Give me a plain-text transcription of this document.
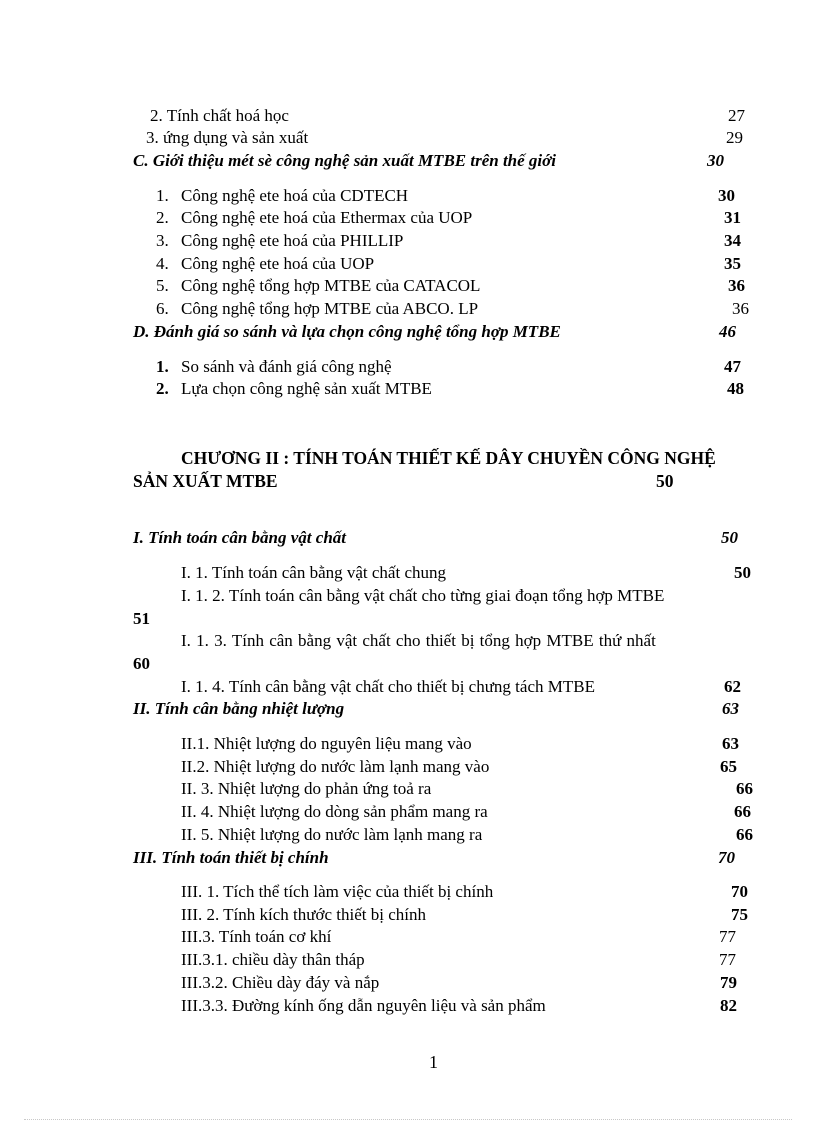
2. Tính chất hoá học	27
3. ứng dụng và sản xuất	29
C. Giới thiệu mét sè công nghệ sản xuất MTBE trên thế giới	30
1. Công nghệ ete hoá của CDTECH	30
2. Công nghệ ete hoá của Ethermax của UOP	31
3. Công nghệ ete hoá của PHILLIP	34
4. Công nghệ ete hoá của UOP	35
5. Công nghệ tổng hợp MTBE của CATACOL	36
6. Công nghệ tổng hợp MTBE của ABCO. LP	36
D. Đánh giá so sánh và lựa chọn công nghệ tổng hợp MTBE	46
1. So sánh và đánh giá công nghệ	47
2. Lựa chọn công nghệ sản xuất MTBE	48
CHƯƠNG II : TÍNH TOÁN THIẾT KẾ DÂY CHUYỀN CÔNG NGHỆ
SẢN XUẤT MTBE	50
I. Tính toán cân bằng vật chất	50
I. 1. Tính toán cân bằng vật chất chung	50
I. 1. 2. Tính toán cân bằng vật chất cho từng giai đoạn tổng hợp MTBE
51
I. 1. 3. Tính cân bằng vật chất cho thiết bị tổng hợp MTBE thứ nhất
60
I. 1. 4. Tính cân bằng vật chất cho thiết bị chưng tách MTBE	62
II. Tính cân bằng nhiệt lượng	63
II.1. Nhiệt lượng do nguyên liệu mang vào	63
II.2. Nhiệt lượng do nước làm lạnh mang vào	65
II. 3. Nhiệt lượng do phản ứng toả ra	66
II. 4. Nhiệt lượng do dòng sản phẩm mang ra	66
II. 5. Nhiệt lượng do nước làm lạnh mang ra	66
III. Tính toán thiết bị chính	70
III. 1. Tích thể tích làm việc của thiết bị chính	70
III. 2. Tính kích thước thiết bị chính	75
III.3. Tính toán cơ khí	77
III.3.1. chiều dày thân tháp	77
III.3.2. Chiều dày đáy và nắp	79
III.3.3. Đường kính ống dẫn nguyên liệu và sản phẩm	82
1
